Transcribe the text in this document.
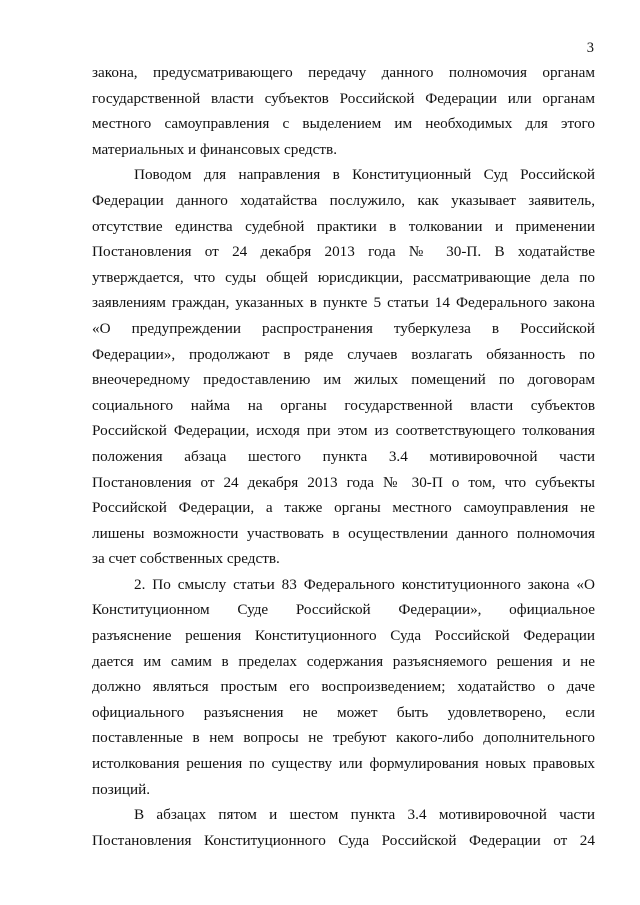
3
закона, предусматривающего передачу данного полномочия органам
государственной власти субъектов Российской Федерации или органам
местного самоуправления с выделением им необходимых для этого
материальных и финансовых средств.
Поводом для направления в Конституционный Суд Российской
Федерации данного ходатайства послужило, как указывает заявитель,
отсутствие единства судебной практики в толковании и применении
Постановления от 24 декабря 2013 года № 30-П. В ходатайстве
утверждается, что суды общей юрисдикции, рассматривающие дела по
заявлениям граждан, указанных в пункте 5 статьи 14 Федерального закона
«О предупреждении распространения туберкулеза в Российской
Федерации», продолжают в ряде случаев возлагать обязанность по
внеочередному предоставлению им жилых помещений по договорам
социального найма на органы государственной власти субъектов
Российской Федерации, исходя при этом из соответствующего толкования
положения абзаца шестого пункта 3.4 мотивировочной части
Постановления от 24 декабря 2013 года № 30-П о том, что субъекты
Российской Федерации, а также органы местного самоуправления не
лишены возможности участвовать в осуществлении данного полномочия
за счет собственных средств.
2. По смыслу статьи 83 Федерального конституционного закона «О
Конституционном Суде Российской Федерации», официальное
разъяснение решения Конституционного Суда Российской Федерации
дается им самим в пределах содержания разъясняемого решения и не
должно являться простым его воспроизведением; ходатайство о даче
официального разъяснения не может быть удовлетворено, если
поставленные в нем вопросы не требуют какого-либо дополнительного
истолкования решения по существу или формулирования новых правовых
позиций.
В абзацах пятом и шестом пункта 3.4 мотивировочной части
Постановления Конституционного Суда Российской Федерации от 24
